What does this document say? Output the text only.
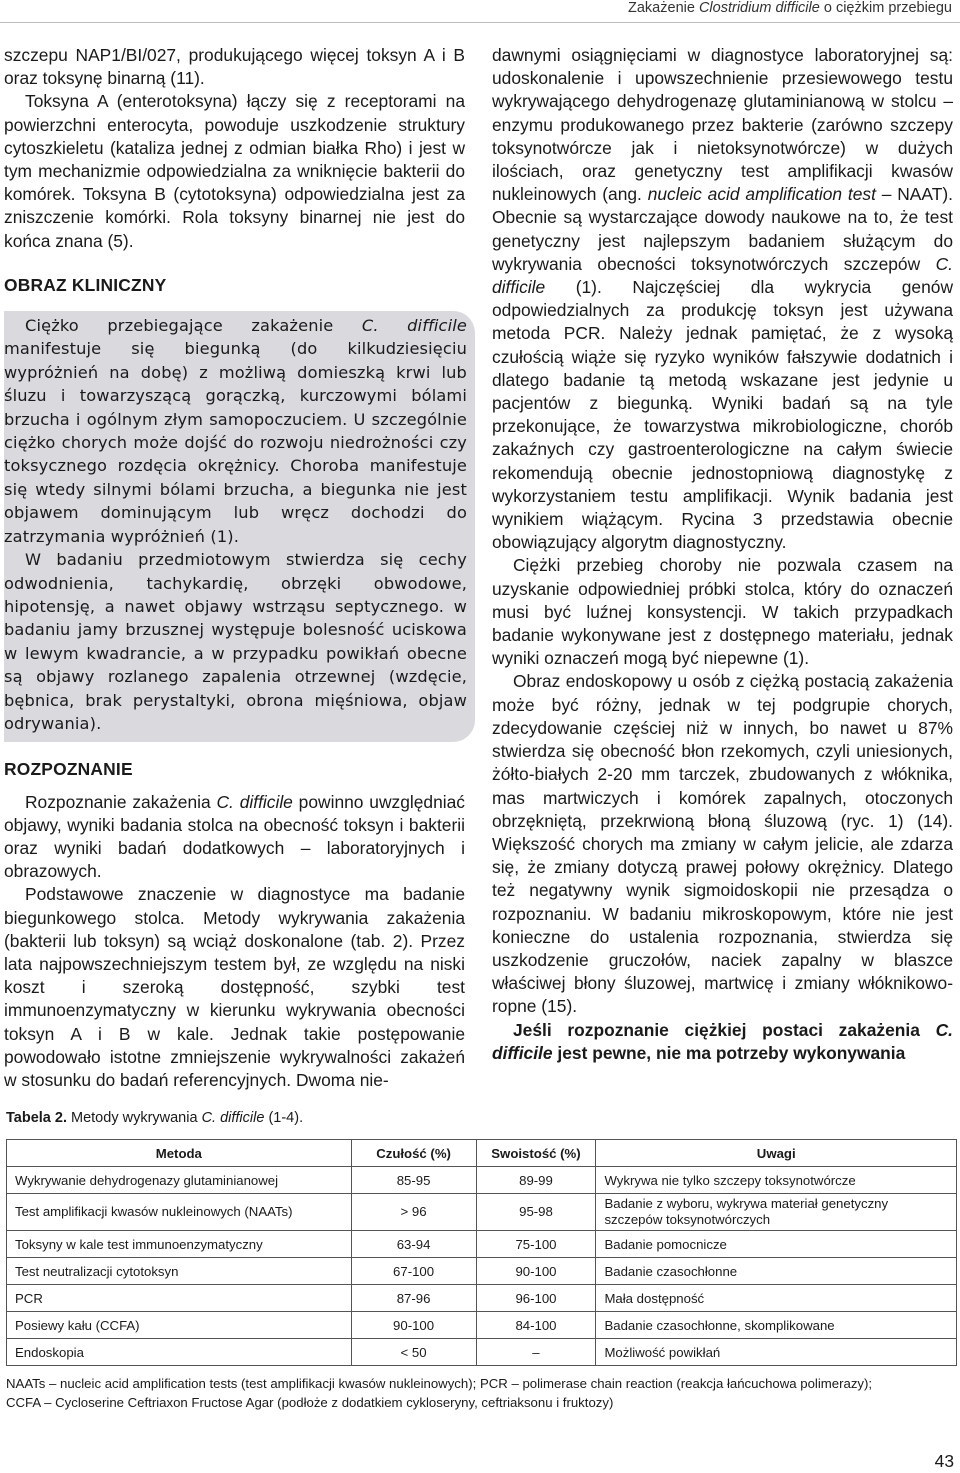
Zakażenie Clostridium difficile o ciężkim przebiegu

szczepu NAP1/BI/027, produkującego więcej toksyn A i B oraz toksynę binarną (11).

Toksyna A (enterotoksyna) łączy się z receptorami na powierzchni enterocyta, powoduje uszkodzenie struktury cytoszkieletu (kataliza jednej z odmian białka Rho) i jest w tym mechanizmie odpowiedzialna za wniknięcie bakterii do komórek. Toksyna B (cytotoksyna) odpowiedzialna jest za zniszczenie komórki. Rola toksyny binarnej nie jest do końca znana (5).

OBRAZ KLINICZNY

Ciężko przebiegające zakażenie C. difficile manifestuje się biegunką (do kilkudziesięciu wypróżnień na dobę) z możliwą domieszką krwi lub śluzu i towarzyszącą gorączką, kurczowymi bólami brzucha i ogólnym złym samopoczuciem. U szczególnie ciężko chorych może dojść do rozwoju niedrożności czy toksycznego rozdęcia okrężnicy. Choroba manifestuje się wtedy silnymi bólami brzucha, a biegunka nie jest objawem dominującym lub wręcz dochodzi do zatrzymania wypróżnień (1).

W badaniu przedmiotowym stwierdza się cechy odwodnienia, tachykardię, obrzęki obwodowe, hipotensję, a nawet objawy wstrząsu septycznego. w badaniu jamy brzusznej występuje bolesność uciskowa w lewym kwadrancie, a w przypadku powikłań obecne są objawy rozlanego zapalenia otrzewnej (wzdęcie, bębnica, brak perystaltyki, obrona mięśniowa, objaw odrywania).

ROZPOZNANIE

Rozpoznanie zakażenia C. difficile powinno uwzględniać objawy, wyniki badania stolca na obecność toksyn i bakterii oraz wyniki badań dodatkowych – laboratoryjnych i obrazowych.

Podstawowe znaczenie w diagnostyce ma badanie biegunkowego stolca. Metody wykrywania zakażenia (bakterii lub toksyn) są wciąż doskonalone (tab. 2). Przez lata najpowszechniejszym testem był, ze względu na niski koszt i szeroką dostępność, szybki test immunoenzymatyczny w kierunku wykrywania obecności toksyn A i B w kale. Jednak takie postępowanie powodowało istotne zmniejszenie wykrywalności zakażeń w stosunku do badań referencyjnych. Dwoma nie-

dawnymi osiągnięciami w diagnostyce laboratoryjnej są: udoskonalenie i upowszechnienie przesiewowego testu wykrywającego dehydrogenazę glutaminianową w stolcu – enzymu produkowanego przez bakterie (zarówno szczepy toksynotwórcze jak i nietoksynotwórcze) w dużych ilościach, oraz genetyczny test amplifikacji kwasów nukleinowych (ang. nucleic acid amplification test – NAAT). Obecnie są wystarczające dowody naukowe na to, że test genetyczny jest najlepszym badaniem służącym do wykrywania obecności toksynotwórczych szczepów C. difficile (1). Najczęściej dla wykrycia genów odpowiedzialnych za produkcję toksyn jest używana metoda PCR. Należy jednak pamiętać, że z wysoką czułością wiąże się ryzyko wyników fałszywie dodatnich i dlatego badanie tą metodą wskazane jest jedynie u pacjentów z biegunką. Wyniki badań są na tyle przekonujące, że towarzystwa mikrobiologiczne, chorób zakaźnych czy gastroenterologiczne na całym świecie rekomendują obecnie jednostopniową diagnostykę z wykorzystaniem testu amplifikacji. Wynik badania jest wynikiem wiążącym. Rycina 3 przedstawia obecnie obowiązujący algorytm diagnostyczny.

Ciężki przebieg choroby nie pozwala czasem na uzyskanie odpowiedniej próbki stolca, który do oznaczeń musi być luźnej konsystencji. W takich przypadkach badanie wykonywane jest z dostępnego materiału, jednak wyniki oznaczeń mogą być niepewne (1).

Obraz endoskopowy u osób z ciężką postacią zakażenia może być różny, jednak w tej podgrupie chorych, zdecydowanie częściej niż w innych, bo nawet u 87% stwierdza się obecność błon rzekomych, czyli uniesionych, żółto-białych 2-20 mm tarczek, zbudowanych z włóknika, mas martwiczych i komórek zapalnych, otoczonych obrzękniętą, przekrwioną błoną śluzową (ryc. 1) (14). Większość chorych ma zmiany w całym jelicie, ale zdarza się, że zmiany dotyczą prawej połowy okrężnicy. Dlatego też negatywny wynik sigmoidoskopii nie przesądza o rozpoznaniu. W badaniu mikroskopowym, które nie jest konieczne do ustalenia rozpoznania, stwierdza się uszkodzenie gruczołów, naciek zapalny w blaszce właściwej błony śluzowej, martwicę i zmiany włóknikowo-ropne (15).

Jeśli rozpoznanie ciężkiej postaci zakażenia C. difficile jest pewne, nie ma potrzeby wykonywania

Tabela 2. Metody wykrywania C. difficile (1-4).
Metoda	Czułość (%)	Swoistość (%)	Uwagi
Wykrywanie dehydrogenazy glutaminianowej	85-95	89-99	Wykrywa nie tylko szczepy toksynotwórcze
Test amplifikacji kwasów nukleinowych (NAATs)	> 96	95-98	Badanie z wyboru, wykrywa materiał genetyczny szczepów toksynotwórczych
Toksyny w kale test immunoenzymatyczny	63-94	75-100	Badanie pomocnicze
Test neutralizacji cytotoksyn	67-100	90-100	Badanie czasochłonne
PCR	87-96	96-100	Mała dostępność
Posiewy kału (CCFA)	90-100	84-100	Badanie czasochłonne, skomplikowane
Endoskopia	< 50	–	Możliwość powikłań
NAATs – nucleic acid amplification tests (test amplifikacji kwasów nukleinowych); PCR – polimerase chain reaction (reakcja łańcuchowa polimerazy);
CCFA – Cycloserine Ceftriaxon Fructose Agar (podłoże z dodatkiem cykloseryny, ceftriaksonu i fruktozy)
43
